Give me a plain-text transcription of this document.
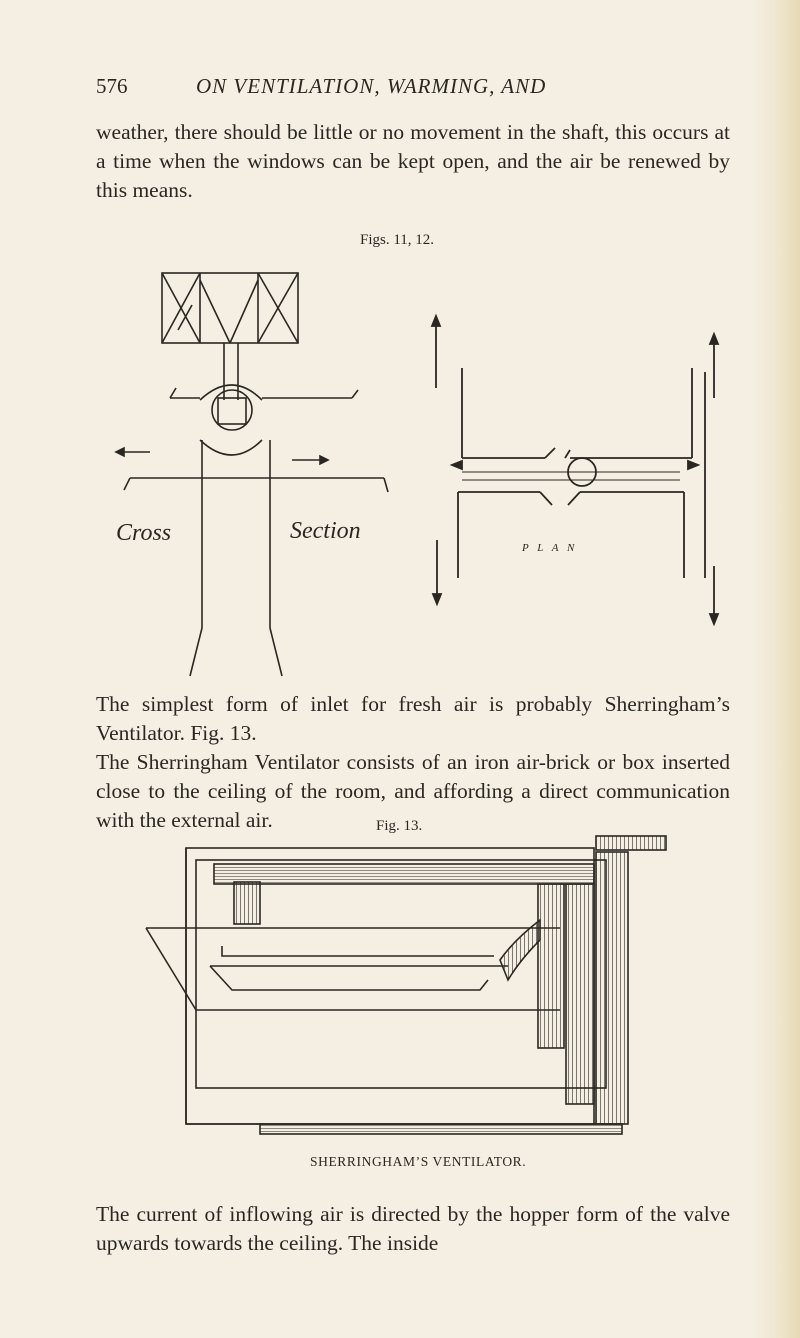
576	ON VENTILATION, WARMING, AND

weather, there should be little or no movement in the shaft, this occurs at a time when the windows can be kept open, and the air be renewed by this means.

Figs. 11, 12.
Cross	Section
P L A N

The simplest form of inlet for fresh air is probably Sherringham’s Ventilator. Fig. 13.

The Sherringham Ventilator consists of an iron air-brick or box inserted close to the ceiling of the room, and affording a direct communication with the external air.	Fig. 13.
SHERRINGHAM’S VENTILATOR.

The current of inflowing air is directed by the hopper form of the valve upwards towards the ceiling. The inside
